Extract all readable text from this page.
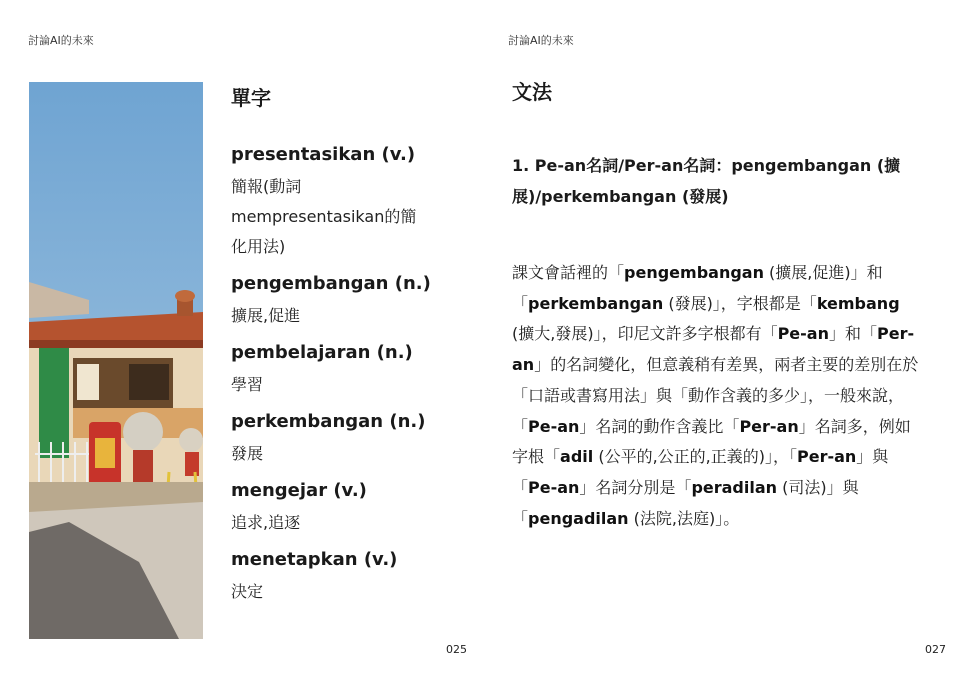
討論AI的未來
單字
presentasikan (v.)
簡報(動詞 mempresentasikan的簡化用法)
pengembangan (n.)
擴展,促進
pembelajaran (n.)
學習
perkembangan (n.)
發展
mengejar (v.)
追求,追逐
menetapkan (v.)
決定
025
討論AI的未來
文法
1. Pe-an名詞/Per-an名詞：pengembangan (擴展)/perkembangan (發展)
課文會話裡的「pengembangan (擴展,促進)」和「perkembangan (發展)」，字根都是「kembang (擴大,發展)」，印尼文許多字根都有「Pe-an」和「Per-an」的名詞變化，但意義稍有差異，兩者主要的差別在於「口語或書寫用法」與「動作含義的多少」，一般來說，「Pe-an」名詞的動作含義比「Per-an」名詞多，例如字根「adil (公平的,公正的,正義的)」，「Per-an」與「Pe-an」名詞分別是「peradilan (司法)」與「pengadilan (法院,法庭)」。
027
